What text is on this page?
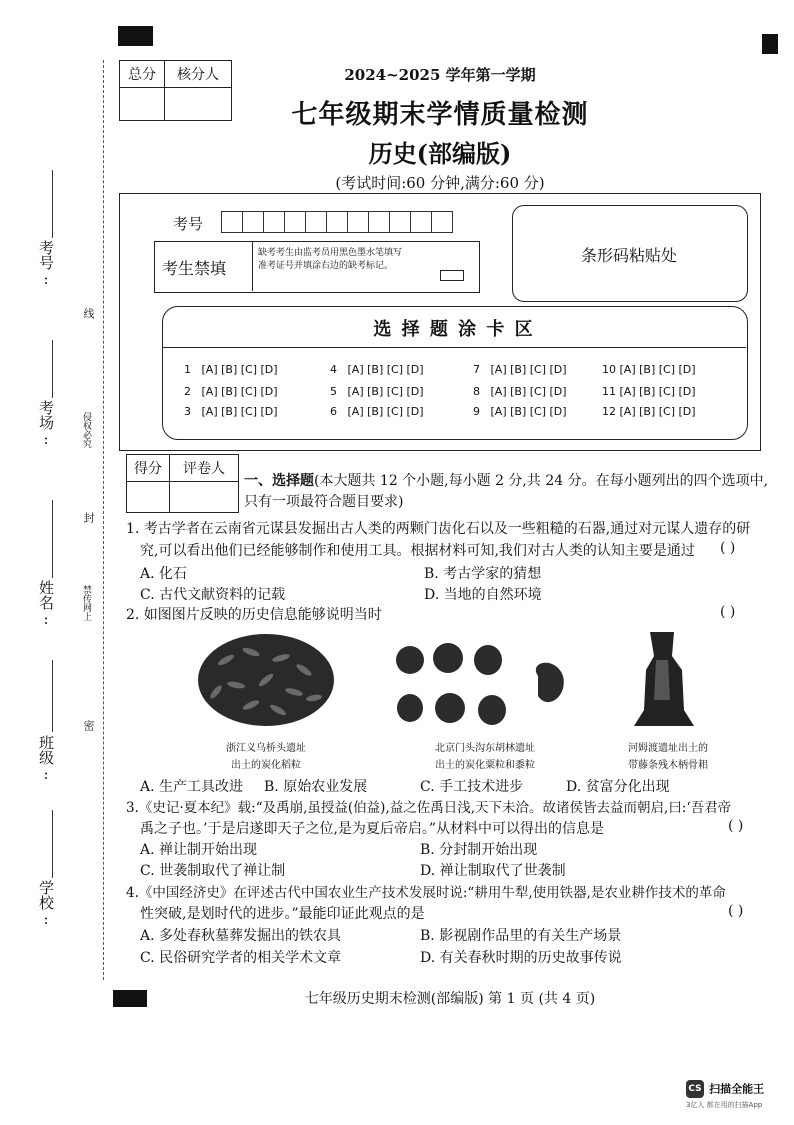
考号:
考场:
姓名:
班级:
学校:
线
侵权必究
封
禁传网上
密
总分	核分人
		2024~2025 学年第一学期
七年级期末学情质量检测
历史(部编版)
(考试时间:60 分钟,满分:60 分)
考号
考生禁填
缺考考生由监考员用黑色墨水笔填写准考证号并填涂右边的缺考标记。
条形码粘贴处
选 择 题 涂 卡 区
1 [A] [B] [C] [D]
2 [A] [B] [C] [D]
3 [A] [B] [C] [D]
4 [A] [B] [C] [D]
5 [A] [B] [C] [D]
6 [A] [B] [C] [D]
7 [A] [B] [C] [D]
8 [A] [B] [C] [D]
9 [A] [B] [C] [D]
10 [A] [B] [C] [D]
11 [A] [B] [C] [D]
12 [A] [B] [C] [D]
得分	评卷人

一、选择题(本大题共 12 个小题,每小题 2 分,共 24 分。在每小题列出的四个选项中,
只有一项最符合题目要求)
1. 考古学者在云南省元谋县发掘出古人类的两颗门齿化石以及一些粗糙的石器,通过对元谋人遗存的研
究,可以看出他们已经能够制作和使用工具。根据材料可知,我们对古人类的认知主要是通过 ( )
A. 化石	B. 考古学家的猜想
C. 古代文献资料的记载	D. 当地的自然环境
2. 如图图片反映的历史信息能够说明当时	( )
浙江义乌桥头遗址
出土的炭化稻粒
北京门头沟东胡林遗址
出土的炭化粟粒和黍粒
河姆渡遗址出土的
带藤条残木柄骨耜
A. 生产工具改进 B. 原始农业发展	C. 手工技术进步	D. 贫富分化出现
3.《史记·夏本纪》载:“及禹崩,虽授益(伯益),益之佐禹日浅,天下未洽。故诸侯皆去益而朝启,曰:‘吾君帝
禹之子也。’于是启遂即天子之位,是为夏后帝启。”从材料中可以得出的信息是	( )
A. 禅让制开始出现	B. 分封制开始出现
C. 世袭制取代了禅让制	D. 禅让制取代了世袭制
4.《中国经济史》在评述古代中国农业生产技术发展时说:“耕用牛犁,使用铁器,是农业耕作技术的革命
性突破,是划时代的进步。”最能印证此观点的是	( )
A. 多处春秋墓葬发掘出的铁农具	B. 影视剧作品里的有关生产场景
C. 民俗研究学者的相关学术文章	D. 有关春秋时期的历史故事传说
七年级历史期末检测(部编版) 第 1 页 (共 4 页)
CS 扫描全能王
3亿人 都在用的扫描App
